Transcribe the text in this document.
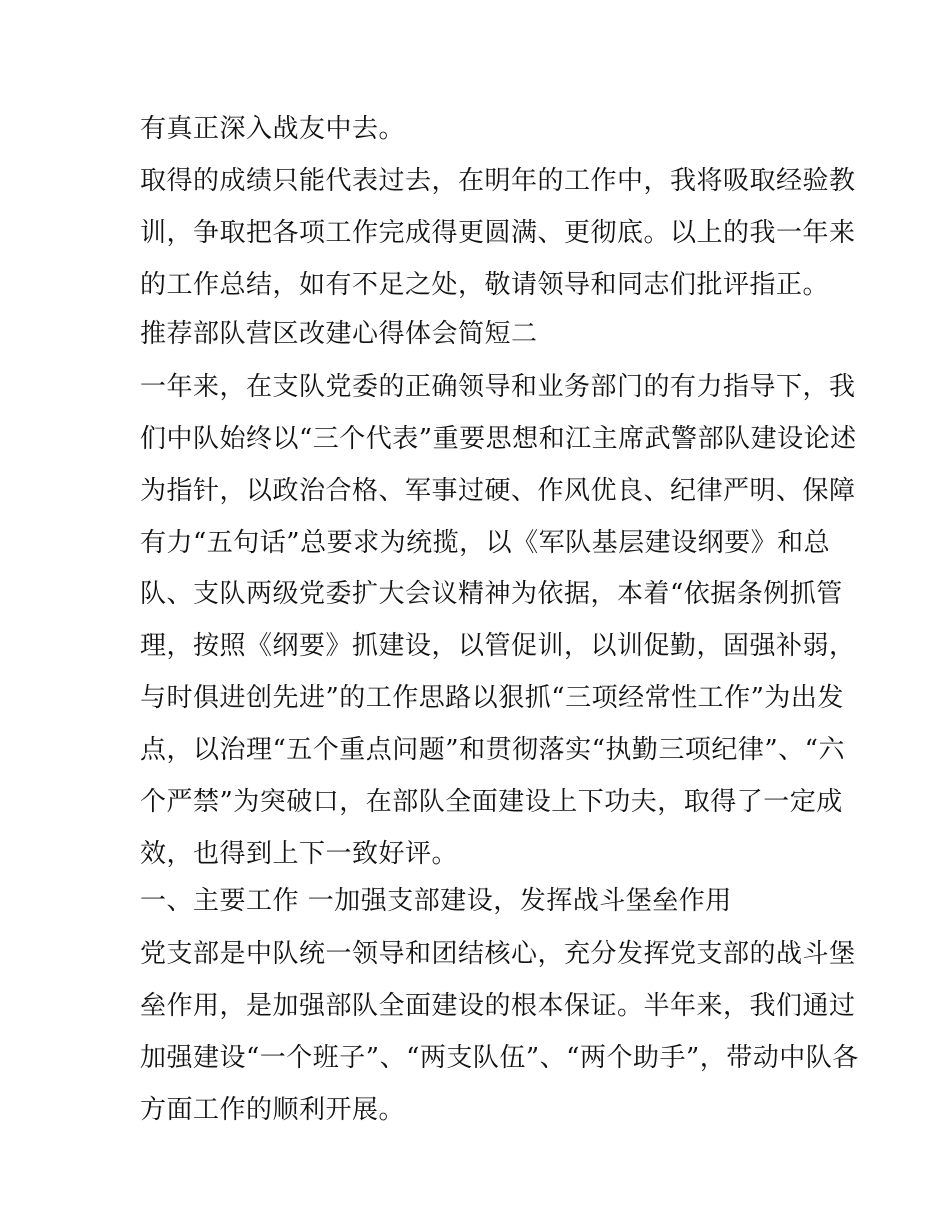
有真正深入战友中去。
取得的成绩只能代表过去，在明年的工作中，我将吸取经验教
训，争取把各项工作完成得更圆满、更彻底。以上的我一年来
的工作总结，如有不足之处，敬请领导和同志们批评指正。
推荐部队营区改建心得体会简短二
一年来，在支队党委的正确领导和业务部门的有力指导下，我
们中队始终以“三个代表”重要思想和江主席武警部队建设论述
为指针，以政治合格、军事过硬、作风优良、纪律严明、保障
有力“五句话”总要求为统揽，以《军队基层建设纲要》和总
队、支队两级党委扩大会议精神为依据，本着“依据条例抓管
理，按照《纲要》抓建设，以管促训，以训促勤，固强补弱，
与时俱进创先进”的工作思路以狠抓“三项经常性工作”为出发
点，以治理“五个重点问题”和贯彻落实“执勤三项纪律”、“六
个严禁”为突破口，在部队全面建设上下功夫，取得了一定成
效，也得到上下一致好评。
一、主要工作 一加强支部建设，发挥战斗堡垒作用
党支部是中队统一领导和团结核心，充分发挥党支部的战斗堡
垒作用，是加强部队全面建设的根本保证。半年来，我们通过
加强建设“一个班子”、“两支队伍”、“两个助手”，带动中队各
方面工作的顺利开展。
